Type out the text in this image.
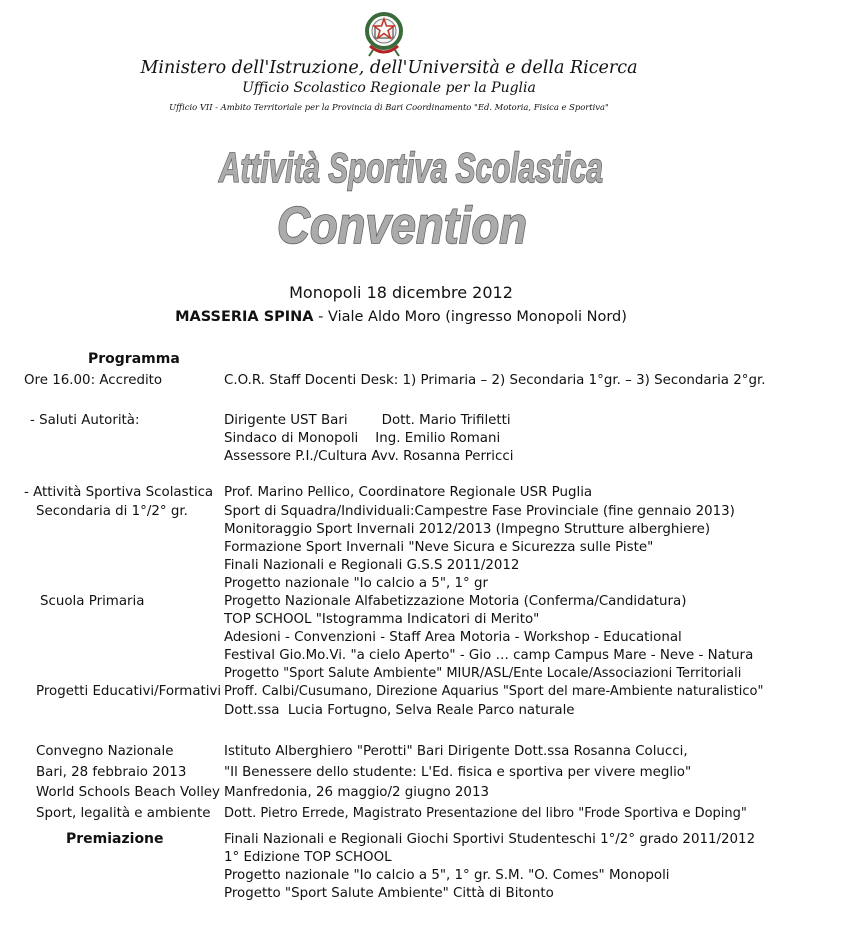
Ministero dell'Istruzione, dell'Università e della Ricerca
Ufficio Scolastico Regionale per la Puglia
Ufficio VII - Ambito Territoriale per la Provincia di Bari Coordinamento "Ed. Motoria, Fisica e Sportiva"
Attività Sportiva Scolastica
Convention
Monopoli 18 dicembre 2012
MASSERIA SPINA - Viale Aldo Moro (ingresso Monopoli Nord)
Programma
Ore 16.00: Accredito
- Saluti Autorità:
- Attività Sportiva Scolastica
Secondaria di 1°/2° gr.
Scuola Primaria
Progetti Educativi/Formativi
Convegno Nazionale
Bari, 28 febbraio 2013
World Schools Beach Volley
Sport, legalità e ambiente
Premiazione
C.O.R. Staff Docenti Desk: 1) Primaria – 2) Secondaria 1°gr. – 3) Secondaria 2°gr.
Dirigente UST Bari        Dott. Mario Trifiletti
Sindaco di Monopoli    Ing. Emilio Romani
Assessore P.I./Cultura Avv. Rosanna Perricci
Prof. Marino Pellico, Coordinatore Regionale USR Puglia
Sport di Squadra/Individuali:Campestre Fase Provinciale (fine gennaio 2013)
Monitoraggio Sport Invernali 2012/2013 (Impegno Strutture alberghiere)
Formazione Sport Invernali "Neve Sicura e Sicurezza sulle Piste"
Finali Nazionali e Regionali G.S.S 2011/2012
Progetto nazionale "Io calcio a 5", 1° gr
Progetto Nazionale Alfabetizzazione Motoria (Conferma/Candidatura)
TOP SCHOOL "Istogramma Indicatori di Merito"
Adesioni - Convenzioni - Staff Area Motoria - Workshop - Educational
Festival Gio.Mo.Vi. "a cielo Aperto" - Gio … camp Campus Mare - Neve - Natura
Progetto "Sport Salute Ambiente" MIUR/ASL/Ente Locale/Associazioni Territoriali
Proff. Calbi/Cusumano, Direzione Aquarius "Sport del mare-Ambiente naturalistico"
Dott.ssa  Lucia Fortugno, Selva Reale Parco naturale
Istituto Alberghiero "Perotti" Bari Dirigente Dott.ssa Rosanna Colucci,
"Il Benessere dello studente: L'Ed. fisica e sportiva per vivere meglio"
Manfredonia, 26 maggio/2 giugno 2013
Dott. Pietro Errede, Magistrato Presentazione del libro "Frode Sportiva e Doping"
Finali Nazionali e Regionali Giochi Sportivi Studenteschi 1°/2° grado 2011/2012
1° Edizione TOP SCHOOL
Progetto nazionale "Io calcio a 5", 1° gr. S.M. "O. Comes" Monopoli
Progetto "Sport Salute Ambiente" Città di Bitonto
